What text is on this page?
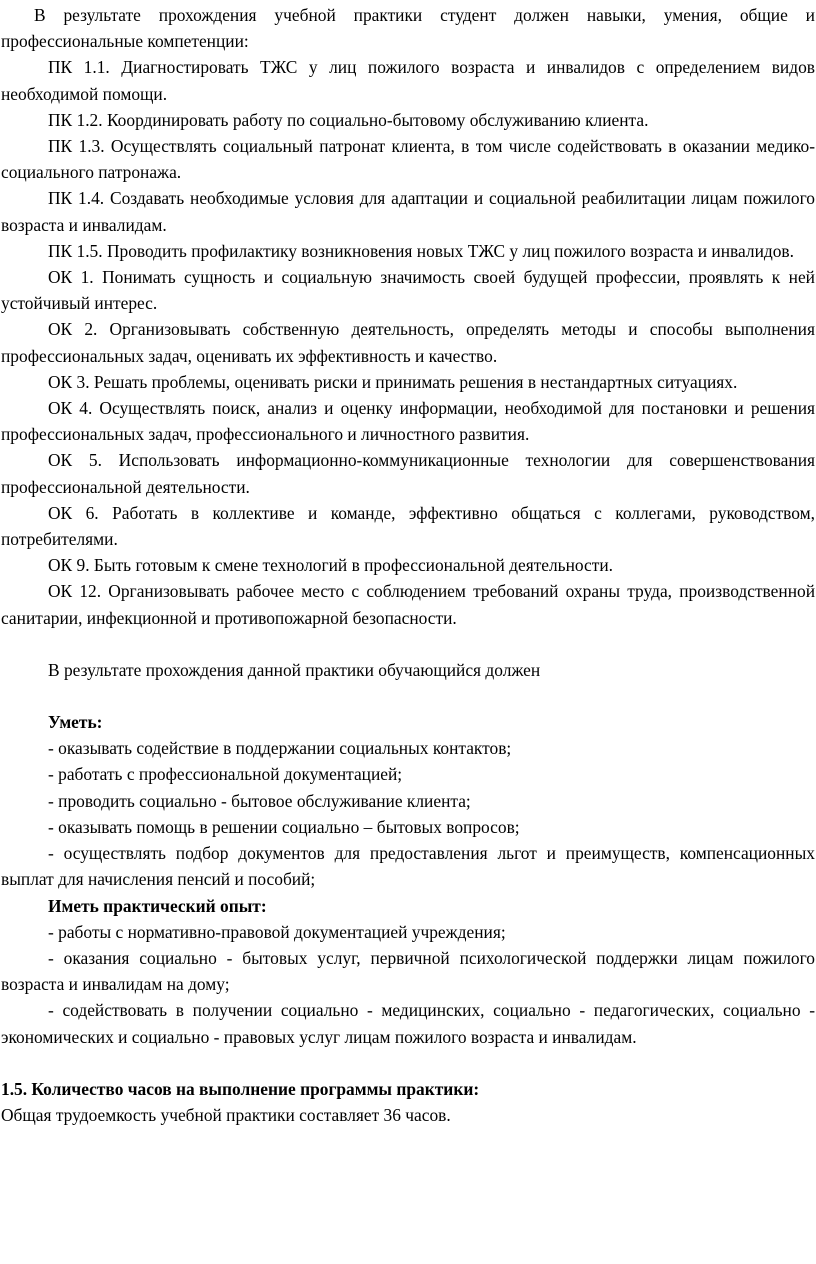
В результате прохождения учебной практики студент должен навыки, умения, общие и профессиональные компетенции:

ПК 1.1. Диагностировать ТЖС у лиц пожилого возраста и инвалидов с определением видов необходимой помощи.

ПК 1.2. Координировать работу по социально-бытовому обслуживанию клиента.

ПК 1.3. Осуществлять социальный патронат клиента, в том числе содействовать в оказании медико-социального патронажа.

ПК 1.4. Создавать необходимые условия для адаптации и социальной реабилитации лицам пожилого возраста и инвалидам.

ПК 1.5. Проводить профилактику возникновения новых ТЖС у лиц пожилого возраста и инвалидов.

ОК 1. Понимать сущность и социальную значимость своей будущей профессии, проявлять к ней устойчивый интерес.

ОК 2. Организовывать собственную деятельность, определять методы и способы выполнения профессиональных задач, оценивать их эффективность и качество.

ОК 3. Решать проблемы, оценивать риски и принимать решения в нестандартных ситуациях.

ОК 4. Осуществлять поиск, анализ и оценку информации, необходимой для постановки и решения профессиональных задач, профессионального и личностного развития.

ОК 5. Использовать информационно-коммуникационные технологии для совершенствования профессиональной деятельности.

ОК 6. Работать в коллективе и команде, эффективно общаться с коллегами, руководством, потребителями.

ОК 9. Быть готовым к смене технологий в профессиональной деятельности.

ОК 12. Организовывать рабочее место с соблюдением требований охраны труда, производственной санитарии, инфекционной и противопожарной безопасности.

В результате прохождения данной практики обучающийся должен

Уметь:

- оказывать содействие в поддержании социальных контактов;

- работать с профессиональной документацией;

- проводить социально - бытовое обслуживание клиента;

- оказывать помощь в решении социально – бытовых вопросов;

- осуществлять подбор документов для предоставления льгот и преимуществ, компенсационных выплат для начисления пенсий и пособий;

Иметь практический опыт:

- работы с нормативно-правовой документацией учреждения;

- оказания социально - бытовых услуг, первичной психологической поддержки лицам пожилого возраста и инвалидам на дому;

- содействовать в получении социально - медицинских, социально - педагогических, социально - экономических и социально - правовых услуг лицам пожилого возраста и инвалидам.

1.5. Количество часов на выполнение программы практики:

Общая трудоемкость учебной практики составляет 36 часов.
